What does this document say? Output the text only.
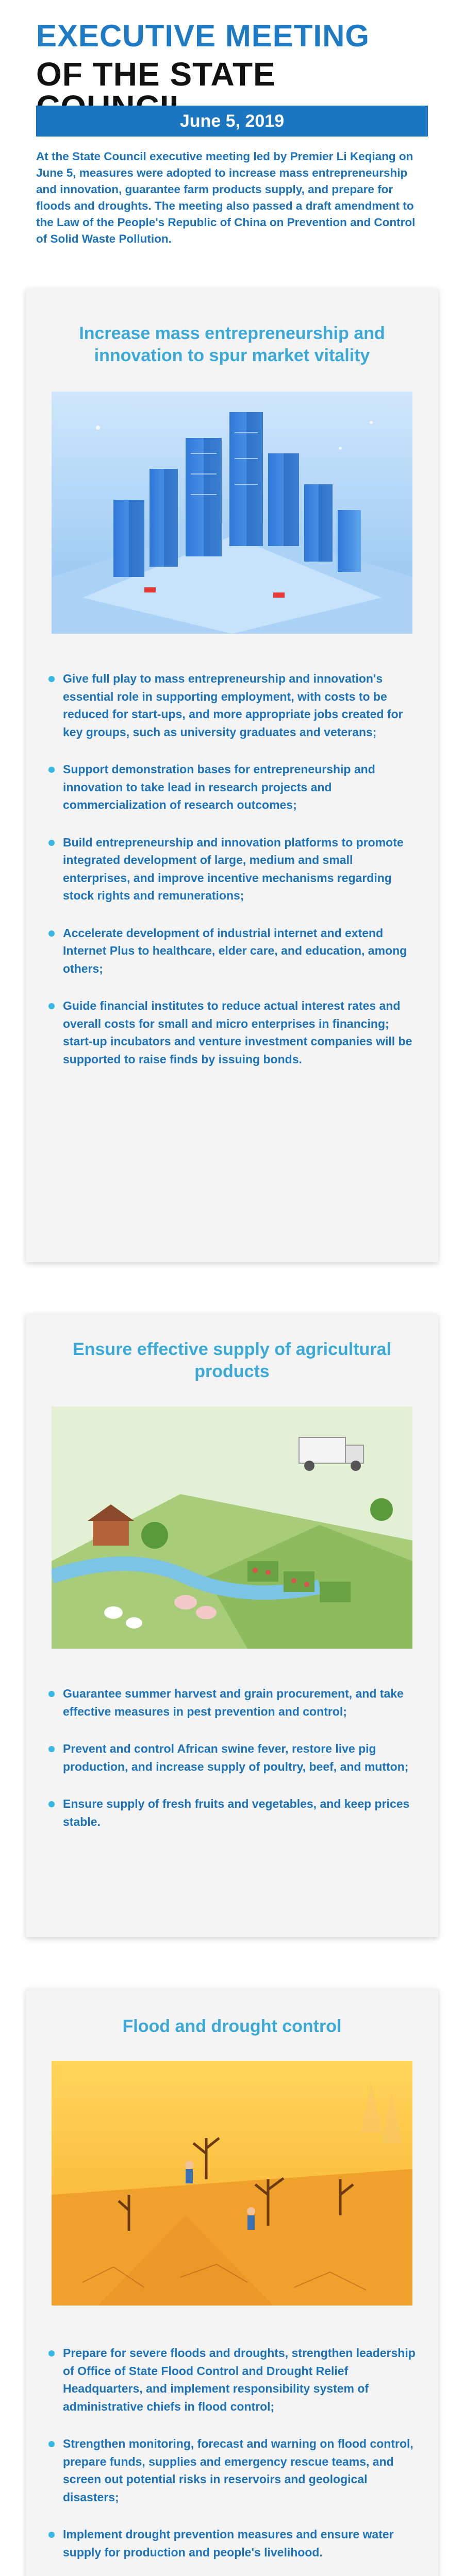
EXECUTIVE MEETING
OF THE STATE
June 5, 2019
At the State Council executive meeting led by Premier Li Keqiang on June 5, measures were adopted to increase mass entrepreneurship and innovation, guarantee farm products supply, and prepare for floods and droughts. The meeting also passed a draft amendment to the Law of the People's Republic of China on Prevention and Control of Solid Waste Pollution.
Increase mass entrepreneurship and innovation to spur market vitality
Give full play to mass entrepreneurship and innovation's essential role in supporting employment, with costs to be reduced for start-ups, and more appropriate jobs created for key groups, such as university graduates and veterans;
Support demonstration bases for entrepreneurship and innovation to take lead in research projects and commercialization of research outcomes;
Build entrepreneurship and innovation platforms to promote integrated development of large, medium and small enterprises, and improve incentive mechanisms regarding stock rights and remunerations;
Accelerate development of industrial internet and extend Internet Plus to healthcare, elder care, and education, among others;
Guide financial institutes to reduce actual interest rates and overall costs for small and micro enterprises in financing; start-up incubators and venture investment companies will be supported to raise finds by issuing bonds.
Ensure effective supply of agricultural products
Guarantee summer harvest and grain procurement, and take effective measures in pest prevention and control;
Prevent and control African swine fever, restore live pig production, and increase supply of poultry, beef, and mutton;
Ensure supply of fresh fruits and vegetables, and keep prices stable.
Flood and drought control
Prepare for severe floods and droughts, strengthen leadership of Office of State Flood Control and Drought Relief Headquarters, and implement responsibility system of administrative chiefs in flood control;
Strengthen monitoring, forecast and warning on flood control, prepare funds, supplies and emergency rescue teams, and screen out potential risks in reservoirs and geological disasters;
Implement drought prevention measures and ensure water supply for production and people's livelihood.
